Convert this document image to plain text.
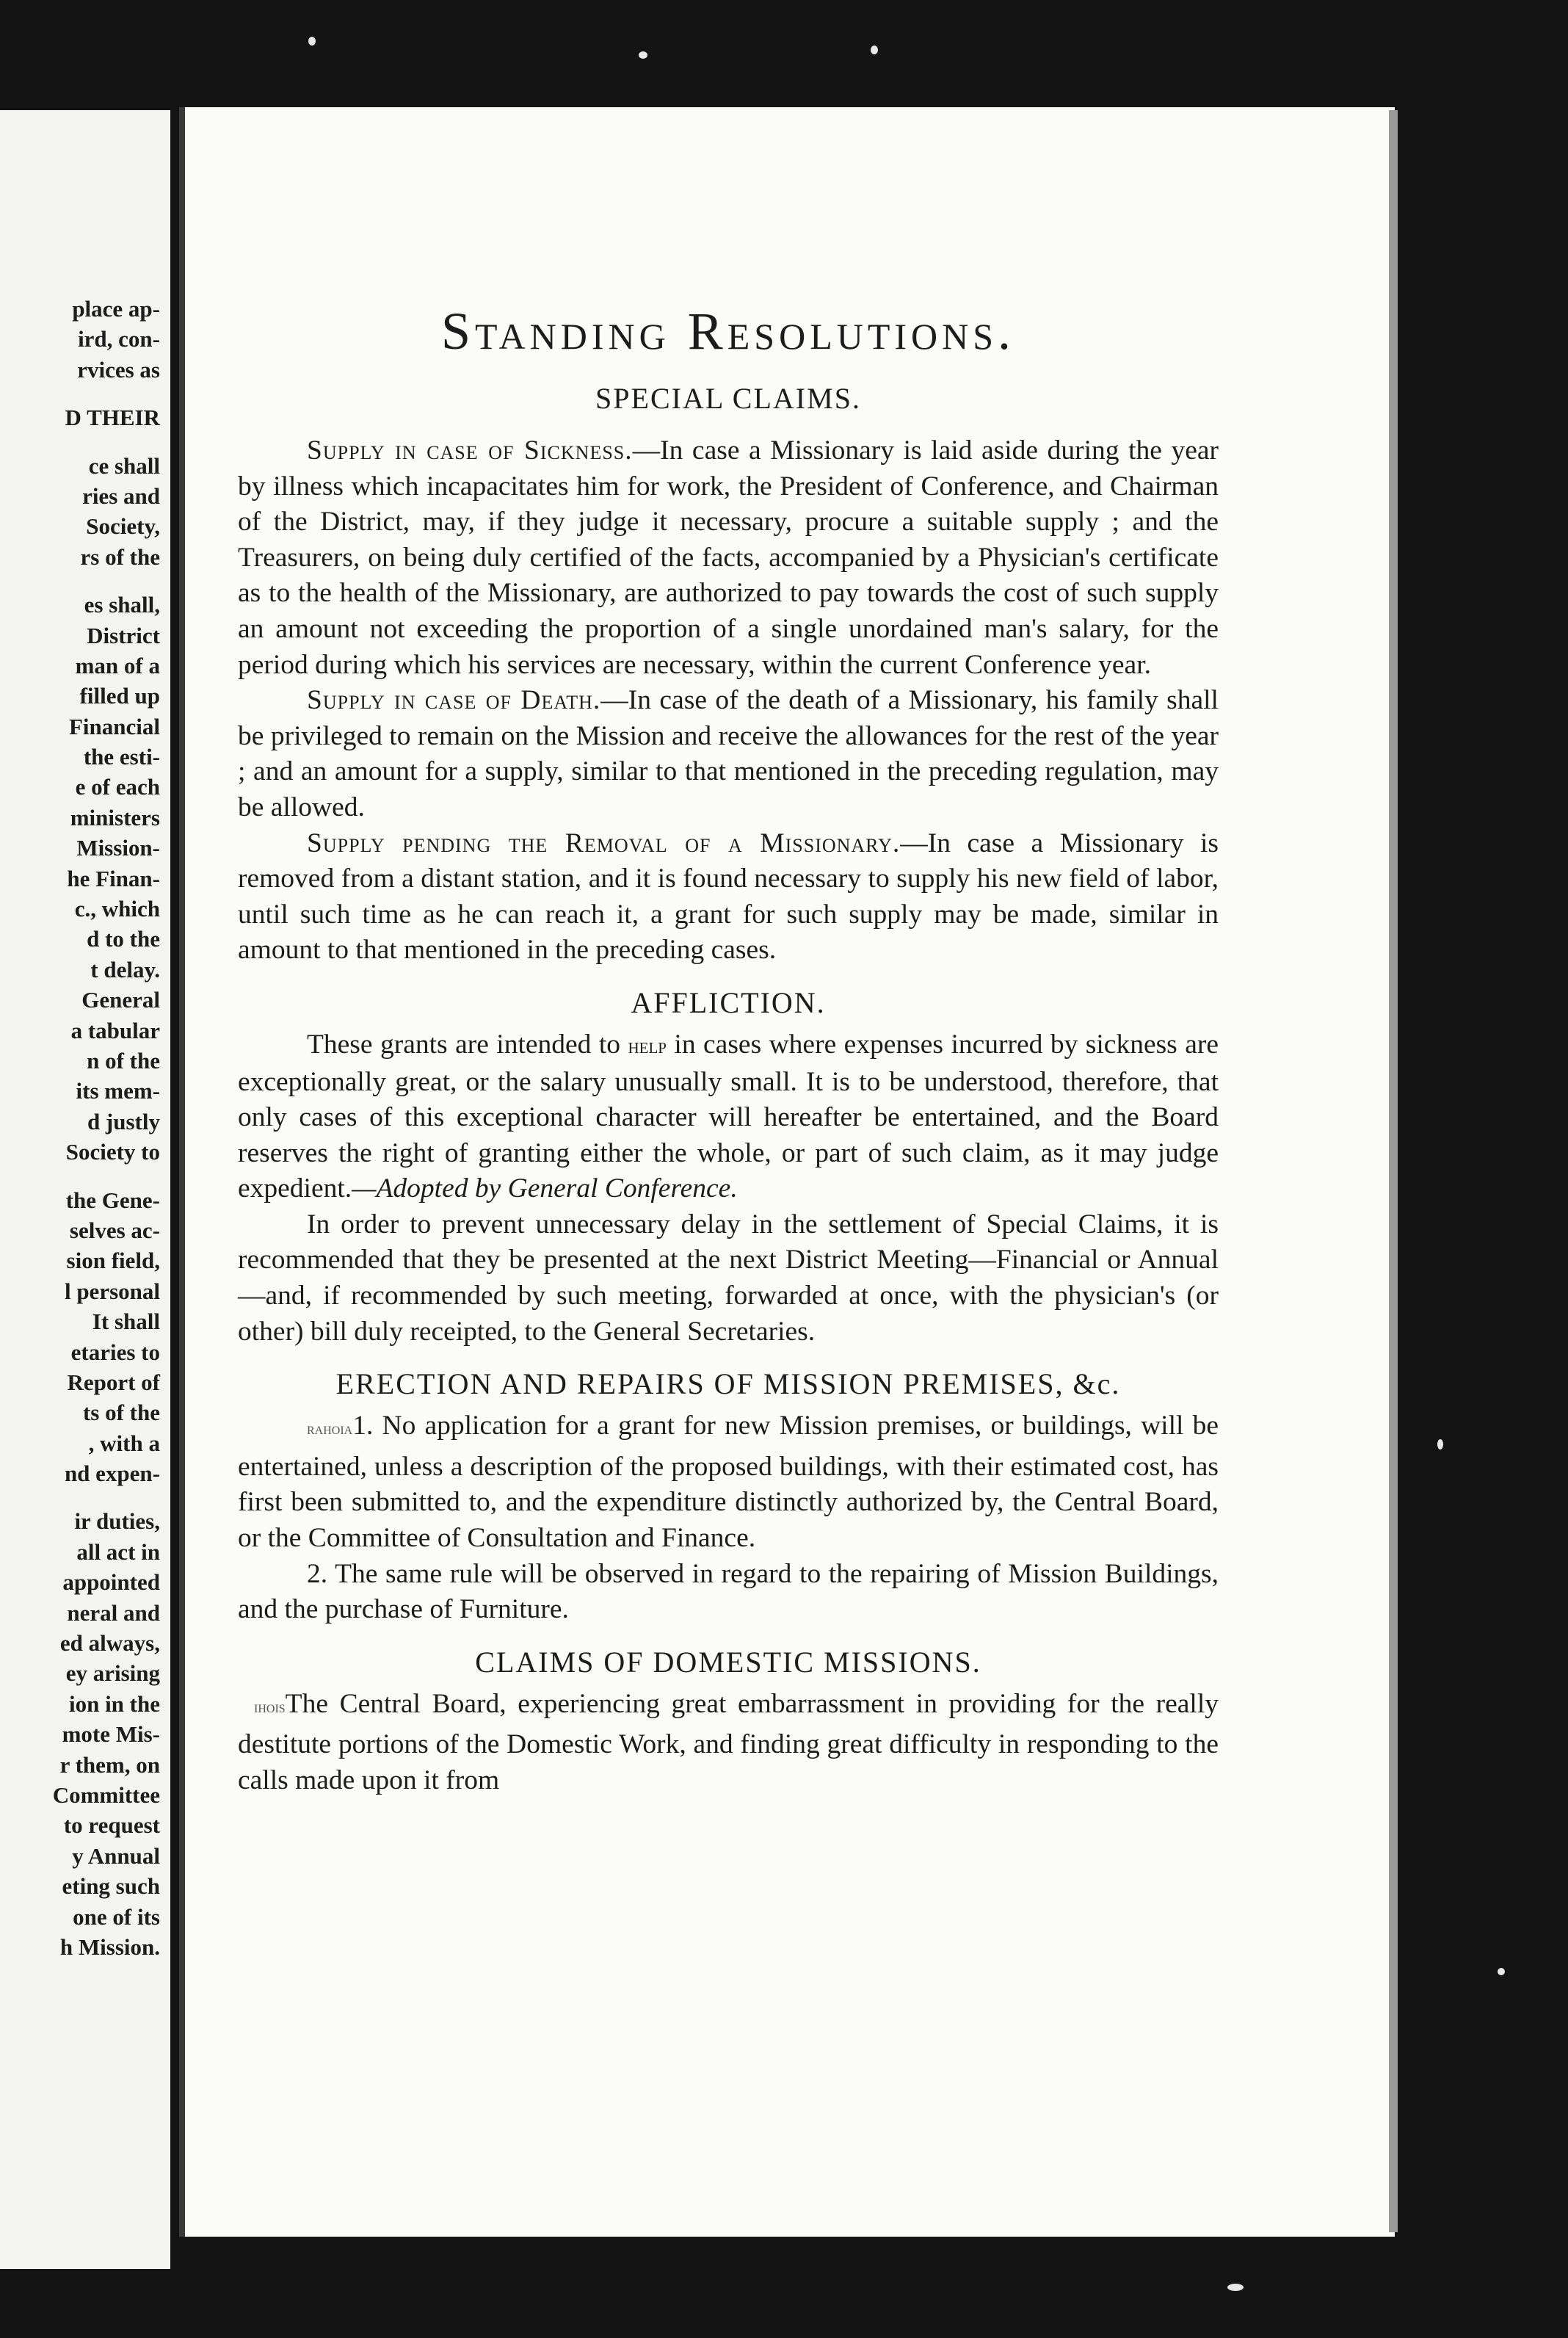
place ap-
ird, con-
rvices as
D THEIR
ce shall
ries and
Society,
rs of the
es shall,
District
man of a
filled up
Financial
the esti-
e of each
ministers
Mission-
he Finan-
c., which
d to the
t delay.
General
a tabular
n of the
its mem-
d justly
Society to
the Gene-
selves ac-
sion field,
l personal
It shall
etaries to
Report of
ts of the
, with a
nd expen-
ir duties,
all act in
appointed
neral and
ed always,
ey arising
ion in the
mote Mis-
r them, on
Committee
to request
y Annual
eting such
one of its
h Mission.
Standing Resolutions.
SPECIAL CLAIMS.

Supply in case of Sickness.—In case a Missionary is laid aside during the year by illness which incapacitates him for work, the President of Conference, and Chairman of the District, may, if they judge it necessary, procure a suitable supply ; and the Treasurers, on being duly certified of the facts, accompanied by a Physician's certificate as to the health of the Missionary, are authorized to pay towards the cost of such supply an amount not exceeding the proportion of a single unordained man's salary, for the period during which his services are necessary, within the current Conference year.

Supply in case of Death.—In case of the death of a Missionary, his family shall be privileged to remain on the Mission and receive the allowances for the rest of the year ; and an amount for a supply, similar to that mentioned in the preceding regulation, may be allowed.

Supply pending the Removal of a Missionary.—In case a Missionary is removed from a distant station, and it is found necessary to supply his new field of labor, until such time as he can reach it, a grant for such supply may be made, similar in amount to that mentioned in the preceding cases.

AFFLICTION.

These grants are intended to help in cases where expenses incurred by sickness are exceptionally great, or the salary unusually small. It is to be understood, therefore, that only cases of this exceptional character will hereafter be entertained, and the Board reserves the right of granting either the whole, or part of such claim, as it may judge expedient.—Adopted by General Conference.

In order to prevent unnecessary delay in the settlement of Special Claims, it is recommended that they be presented at the next District Meeting—Financial or Annual—and, if recommended by such meeting, forwarded at once, with the physician's (or other) bill duly receipted, to the General Secretaries.

ERECTION AND REPAIRS OF MISSION PREMISES, &c.

RAHOIA1. No application for a grant for new Mission premises, or buildings, will be entertained, unless a description of the proposed buildings, with their estimated cost, has first been submitted to, and the expenditure distinctly authorized by, the Central Board, or the Committee of Consultation and Finance.

2. The same rule will be observed in regard to the repairing of Mission Buildings, and the purchase of Furniture.

CLAIMS OF DOMESTIC MISSIONS.

IHOISThe Central Board, experiencing great embarrassment in providing for the really destitute portions of the Domestic Work, and finding great difficulty in responding to the calls made upon it from
